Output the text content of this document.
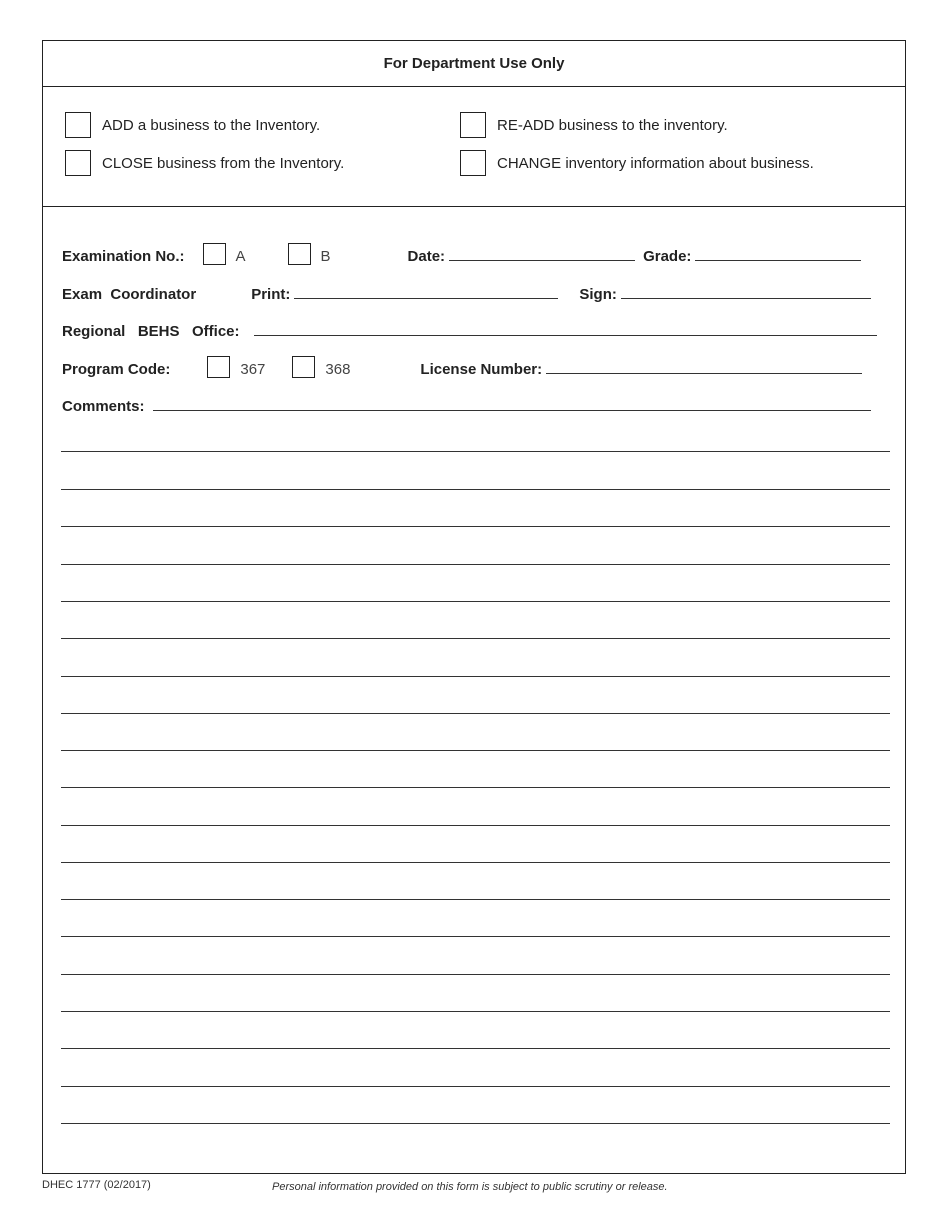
For Department Use Only
ADD a business to the Inventory.
CLOSE business from the Inventory.
RE-ADD business to the inventory.
CHANGE inventory information about business.
Examination No.:	A	B	Date:	Grade:
Exam  Coordinator	Print:	Sign:
Regional   BEHS   Office:
Program Code:	367	368	License Number:
Comments:
DHEC 1777 (02/2017)	Personal information provided on this form is subject to public scrutiny or release.
